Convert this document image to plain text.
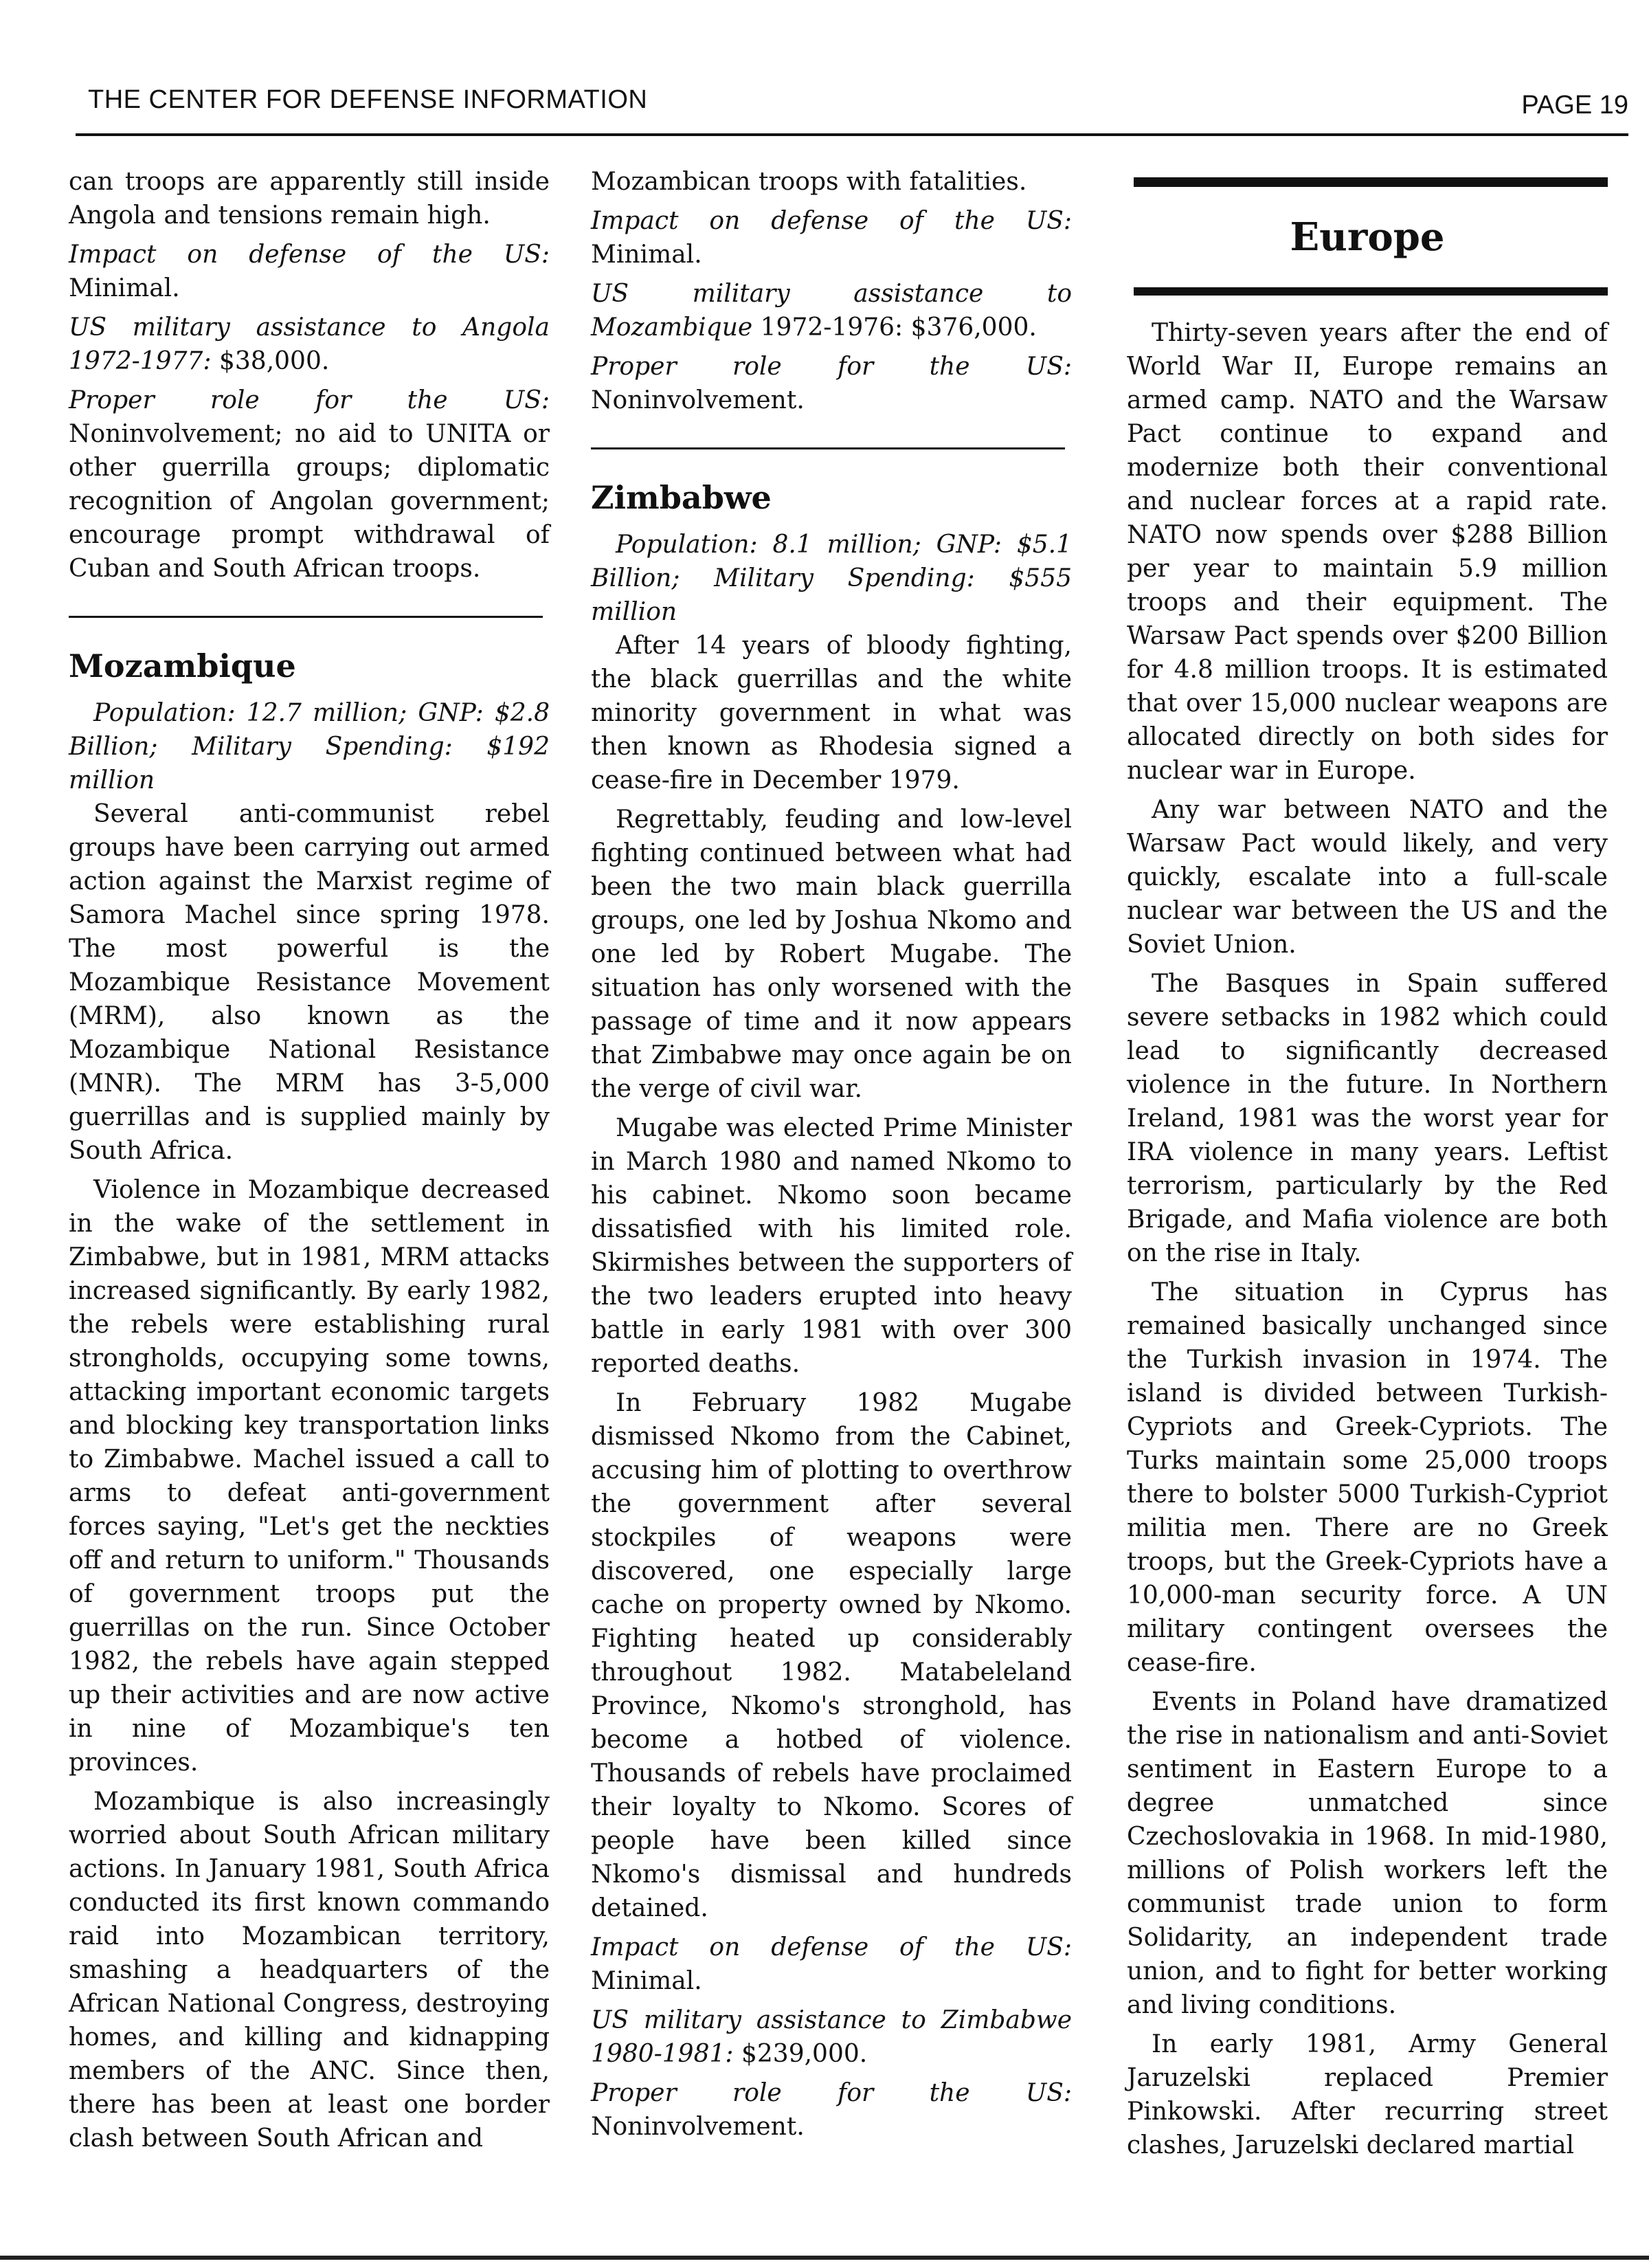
THE CENTER FOR DEFENSE INFORMATION	PAGE 19

can troops are apparently still inside Angola and tensions remain high.

Impact on defense of the US: Minimal.

US military assistance to Angola 1972-1977: $38,000.

Proper role for the US: Noninvolvement; no aid to UNITA or other guerrilla groups; diplomatic recognition of Angolan government; encourage prompt withdrawal of Cuban and South African troops.

Mozambique

Population: 12.7 million; GNP: $2.8 Billion; Military Spending: $192 million

Several anti-communist rebel groups have been carrying out armed action against the Marxist regime of Samora Machel since spring 1978. The most powerful is the Mozambique Resistance Movement (MRM), also known as the Mozambique National Resistance (MNR). The MRM has 3-5,000 guerrillas and is supplied mainly by South Africa.

Violence in Mozambique decreased in the wake of the settlement in Zimbabwe, but in 1981, MRM attacks increased significantly. By early 1982, the rebels were establishing rural strongholds, occupying some towns, attacking important economic targets and blocking key transportation links to Zimbabwe. Machel issued a call to arms to defeat anti-government forces saying, "Let's get the neckties off and return to uniform." Thousands of government troops put the guerrillas on the run. Since October 1982, the rebels have again stepped up their activities and are now active in nine of Mozambique's ten provinces.

Mozambique is also increasingly worried about South African military actions. In January 1981, South Africa conducted its first known commando raid into Mozambican territory, smashing a headquarters of the African National Congress, destroying homes, and killing and kidnapping members of the ANC. Since then, there has been at least one border clash between South African and

Mozambican troops with fatalities.

Impact on defense of the US: Minimal.

US military assistance to Mozambique 1972-1976: $376,000.

Proper role for the US: Noninvolvement.

Zimbabwe

Population: 8.1 million; GNP: $5.1 Billion; Military Spending: $555 million

After 14 years of bloody fighting, the black guerrillas and the white minority government in what was then known as Rhodesia signed a cease-fire in December 1979.

Regrettably, feuding and low-level fighting continued between what had been the two main black guerrilla groups, one led by Joshua Nkomo and one led by Robert Mugabe. The situation has only worsened with the passage of time and it now appears that Zimbabwe may once again be on the verge of civil war.

Mugabe was elected Prime Minister in March 1980 and named Nkomo to his cabinet. Nkomo soon became dissatisfied with his limited role. Skirmishes between the supporters of the two leaders erupted into heavy battle in early 1981 with over 300 reported deaths.

In February 1982 Mugabe dismissed Nkomo from the Cabinet, accusing him of plotting to overthrow the government after several stockpiles of weapons were discovered, one especially large cache on property owned by Nkomo. Fighting heated up considerably throughout 1982. Matabeleland Province, Nkomo's stronghold, has become a hotbed of violence. Thousands of rebels have proclaimed their loyalty to Nkomo. Scores of people have been killed since Nkomo's dismissal and hundreds detained.

Impact on defense of the US: Minimal.

US military assistance to Zimbabwe 1980-1981: $239,000.

Proper role for the US: Noninvolvement.

Europe

Thirty-seven years after the end of World War II, Europe remains an armed camp. NATO and the Warsaw Pact continue to expand and modernize both their conventional and nuclear forces at a rapid rate. NATO now spends over $288 Billion per year to maintain 5.9 million troops and their equipment. The Warsaw Pact spends over $200 Billion for 4.8 million troops. It is estimated that over 15,000 nuclear weapons are allocated directly on both sides for nuclear war in Europe.

Any war between NATO and the Warsaw Pact would likely, and very quickly, escalate into a full-scale nuclear war between the US and the Soviet Union.

The Basques in Spain suffered severe setbacks in 1982 which could lead to significantly decreased violence in the future. In Northern Ireland, 1981 was the worst year for IRA violence in many years. Leftist terrorism, particularly by the Red Brigade, and Mafia violence are both on the rise in Italy.

The situation in Cyprus has remained basically unchanged since the Turkish invasion in 1974. The island is divided between Turkish-Cypriots and Greek-Cypriots. The Turks maintain some 25,000 troops there to bolster 5000 Turkish-Cypriot militia men. There are no Greek troops, but the Greek-Cypriots have a 10,000-man security force. A UN military contingent oversees the cease-fire.

Events in Poland have dramatized the rise in nationalism and anti-Soviet sentiment in Eastern Europe to a degree unmatched since Czechoslovakia in 1968. In mid-1980, millions of Polish workers left the communist trade union to form Solidarity, an independent trade union, and to fight for better working and living conditions.

In early 1981, Army General Jaruzelski replaced Premier Pinkowski. After recurring street clashes, Jaruzelski declared martial
